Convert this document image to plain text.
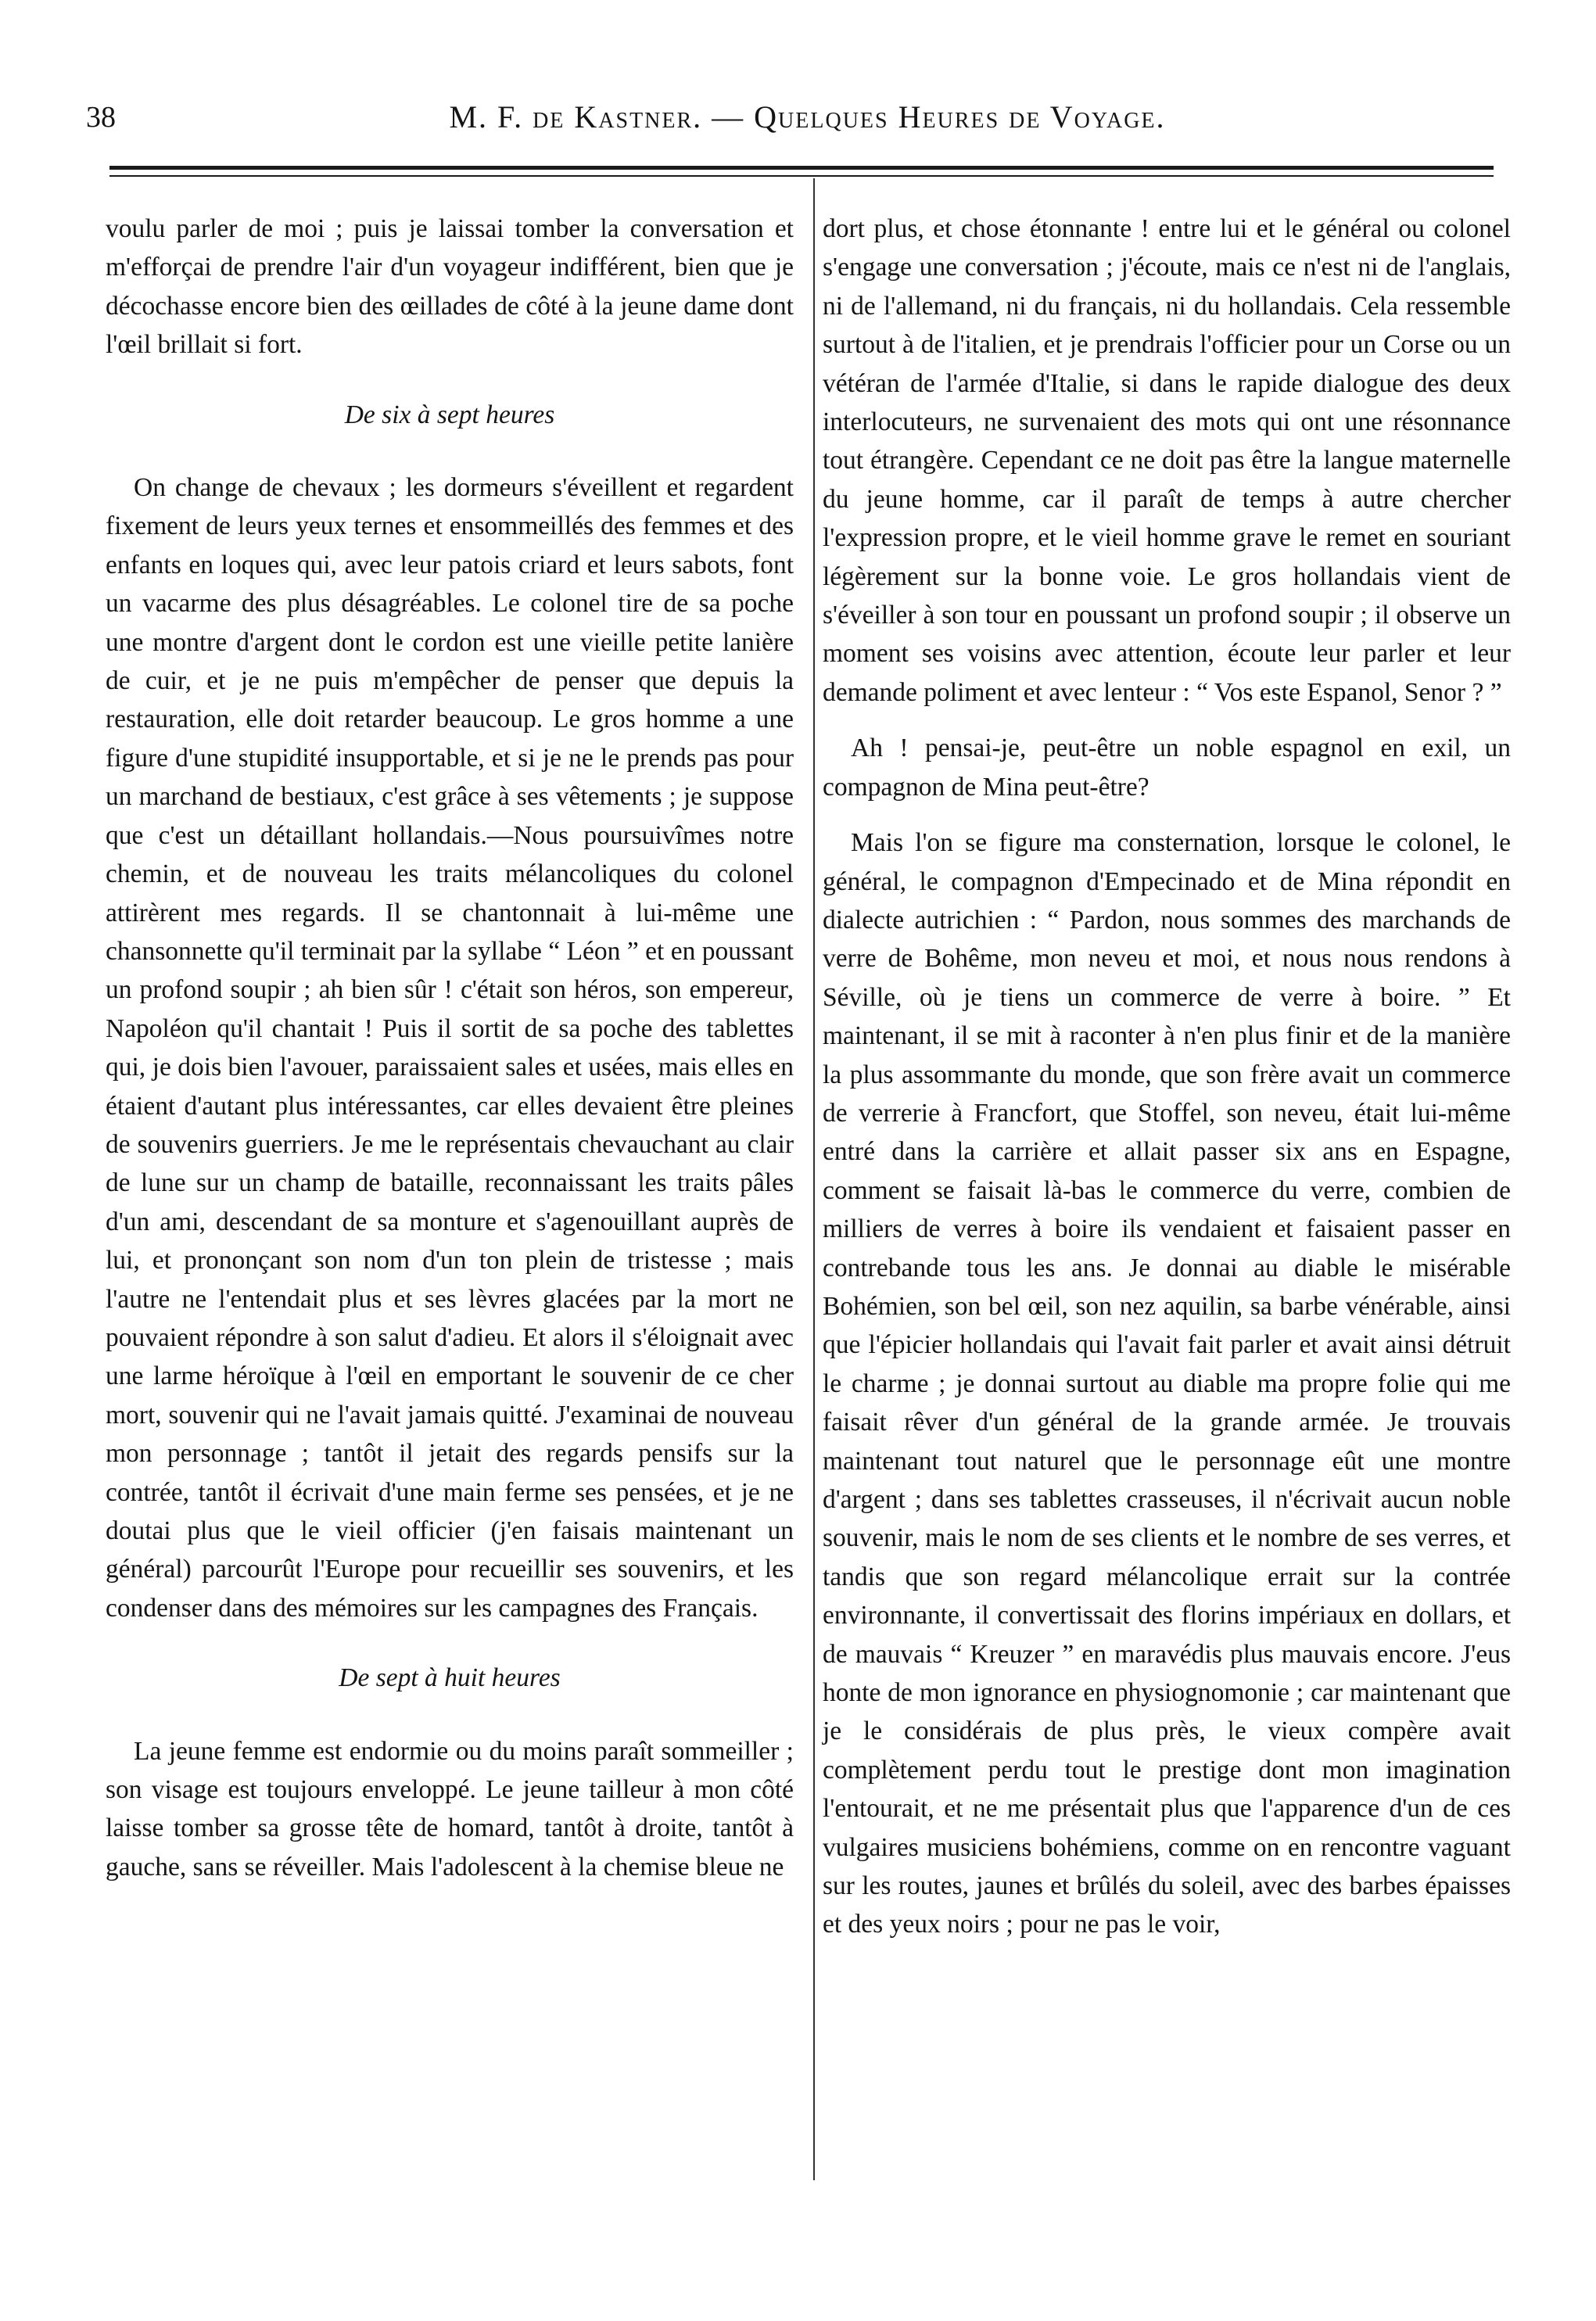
38	M. F. de Kastner. — Quelques Heures de Voyage.

voulu parler de moi ; puis je laissai tomber la conversation et m'efforçai de prendre l'air d'un voyageur indifférent, bien que je décochasse encore bien des œillades de côté à la jeune dame dont l'œil brillait si fort.

De six à sept heures

On change de chevaux ; les dormeurs s'éveillent et regardent fixement de leurs yeux ternes et ensommeillés des femmes et des enfants en loques qui, avec leur patois criard et leurs sabots, font un vacarme des plus désagréables. Le colonel tire de sa poche une montre d'argent dont le cordon est une vieille petite lanière de cuir, et je ne puis m'empêcher de penser que depuis la restauration, elle doit retarder beaucoup. Le gros homme a une figure d'une stupidité insupportable, et si je ne le prends pas pour un marchand de bestiaux, c'est grâce à ses vêtements ; je suppose que c'est un détaillant hollandais.—Nous poursuivîmes notre chemin, et de nouveau les traits mélancoliques du colonel attirèrent mes regards. Il se chantonnait à lui-même une chansonnette qu'il terminait par la syllabe “ Léon ” et en poussant un profond soupir ; ah bien sûr ! c'était son héros, son empereur, Napoléon qu'il chantait ! Puis il sortit de sa poche des tablettes qui, je dois bien l'avouer, paraissaient sales et usées, mais elles en étaient d'autant plus intéressantes, car elles devaient être pleines de souvenirs guerriers. Je me le représentais chevauchant au clair de lune sur un champ de bataille, reconnaissant les traits pâles d'un ami, descendant de sa monture et s'agenouillant auprès de lui, et prononçant son nom d'un ton plein de tristesse ; mais l'autre ne l'entendait plus et ses lèvres glacées par la mort ne pouvaient répondre à son salut d'adieu. Et alors il s'éloignait avec une larme héroïque à l'œil en emportant le souvenir de ce cher mort, souvenir qui ne l'avait jamais quitté. J'examinai de nouveau mon personnage ; tantôt il jetait des regards pensifs sur la contrée, tantôt il écrivait d'une main ferme ses pensées, et je ne doutai plus que le vieil officier (j'en faisais maintenant un général) parcourût l'Europe pour recueillir ses souvenirs, et les condenser dans des mémoires sur les campagnes des Français.

De sept à huit heures

La jeune femme est endormie ou du moins paraît sommeiller ; son visage est toujours enveloppé. Le jeune tailleur à mon côté laisse tomber sa grosse tête de homard, tantôt à droite, tantôt à gauche, sans se réveiller. Mais l'adolescent à la chemise bleue ne

dort plus, et chose étonnante ! entre lui et le général ou colonel s'engage une conversation ; j'écoute, mais ce n'est ni de l'anglais, ni de l'allemand, ni du français, ni du hollandais. Cela ressemble surtout à de l'italien, et je prendrais l'officier pour un Corse ou un vétéran de l'armée d'Italie, si dans le rapide dialogue des deux interlocuteurs, ne survenaient des mots qui ont une résonnance tout étrangère. Cependant ce ne doit pas être la langue maternelle du jeune homme, car il paraît de temps à autre chercher l'expression propre, et le vieil homme grave le remet en souriant légèrement sur la bonne voie. Le gros hollandais vient de s'éveiller à son tour en poussant un profond soupir ; il observe un moment ses voisins avec attention, écoute leur parler et leur demande poliment et avec lenteur : “ Vos este Espanol, Senor ? ”

Ah ! pensai-je, peut-être un noble espagnol en exil, un compagnon de Mina peut-être?

Mais l'on se figure ma consternation, lorsque le colonel, le général, le compagnon d'Empecinado et de Mina répondit en dialecte autrichien : “ Pardon, nous sommes des marchands de verre de Bohême, mon neveu et moi, et nous nous rendons à Séville, où je tiens un commerce de verre à boire. ” Et maintenant, il se mit à raconter à n'en plus finir et de la manière la plus assommante du monde, que son frère avait un commerce de verrerie à Francfort, que Stoffel, son neveu, était lui-même entré dans la carrière et allait passer six ans en Espagne, comment se faisait là-bas le commerce du verre, combien de milliers de verres à boire ils vendaient et faisaient passer en contrebande tous les ans. Je donnai au diable le misérable Bohémien, son bel œil, son nez aquilin, sa barbe vénérable, ainsi que l'épicier hollandais qui l'avait fait parler et avait ainsi détruit le charme ; je donnai surtout au diable ma propre folie qui me faisait rêver d'un général de la grande armée. Je trouvais maintenant tout naturel que le personnage eût une montre d'argent ; dans ses tablettes crasseuses, il n'écrivait aucun noble souvenir, mais le nom de ses clients et le nombre de ses verres, et tandis que son regard mélancolique errait sur la contrée environnante, il convertissait des florins impériaux en dollars, et de mauvais “ Kreuzer ” en maravédis plus mauvais encore. J'eus honte de mon ignorance en physiognomonie ; car maintenant que je le considérais de plus près, le vieux compère avait complètement perdu tout le prestige dont mon imagination l'entourait, et ne me présentait plus que l'apparence d'un de ces vulgaires musiciens bohémiens, comme on en rencontre vaguant sur les routes, jaunes et brûlés du soleil, avec des barbes épaisses et des yeux noirs ; pour ne pas le voir,
